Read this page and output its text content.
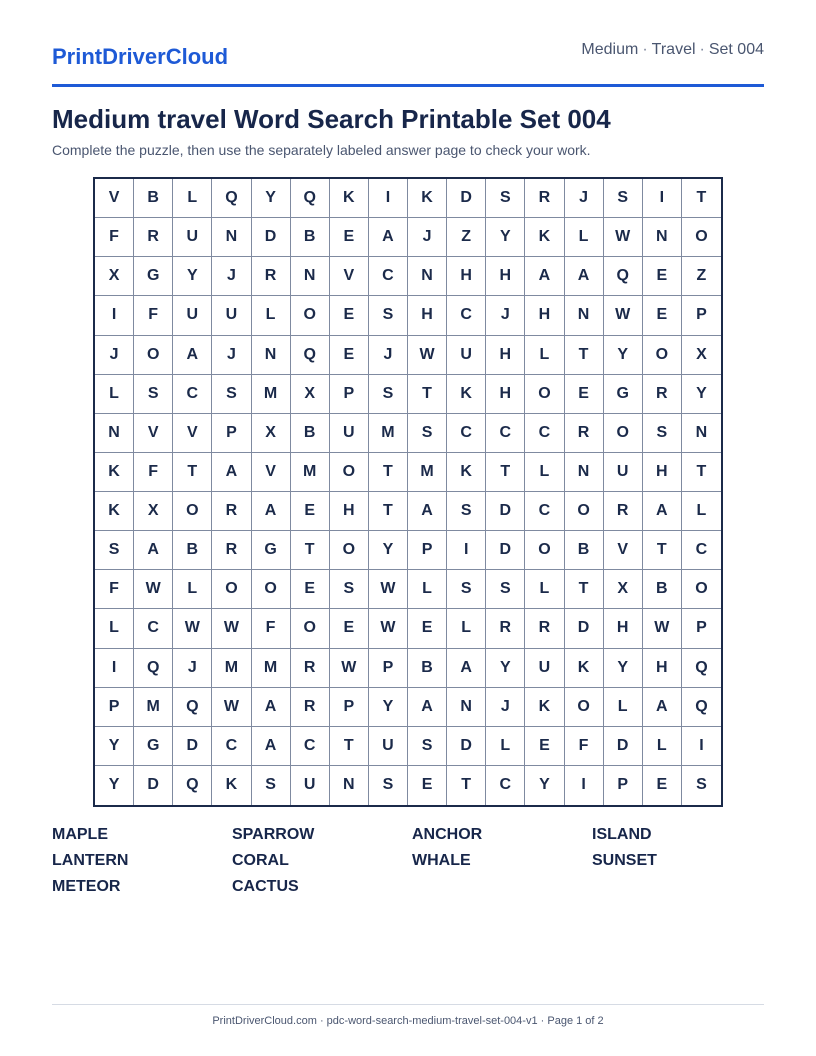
PrintDriverCloud	Medium · Travel · Set 004
Medium travel Word Search Printable Set 004
Complete the puzzle, then use the separately labeled answer page to check your work.
V	B	L	Q	Y	Q	K	I	K	D	S	R	J	S	I	T
F	R	U	N	D	B	E	A	J	Z	Y	K	L	W	N	O
X	G	Y	J	R	N	V	C	N	H	H	A	A	Q	E	Z
I	F	U	U	L	O	E	S	H	C	J	H	N	W	E	P
J	O	A	J	N	Q	E	J	W	U	H	L	T	Y	O	X
L	S	C	S	M	X	P	S	T	K	H	O	E	G	R	Y
N	V	V	P	X	B	U	M	S	C	C	C	R	O	S	N
K	F	T	A	V	M	O	T	M	K	T	L	N	U	H	T
K	X	O	R	A	E	H	T	A	S	D	C	O	R	A	L
S	A	B	R	G	T	O	Y	P	I	D	O	B	V	T	C
F	W	L	O	O	E	S	W	L	S	S	L	T	X	B	O
L	C	W	W	F	O	E	W	E	L	R	R	D	H	W	P
I	Q	J	M	M	R	W	P	B	A	Y	U	K	Y	H	Q
P	M	Q	W	A	R	P	Y	A	N	J	K	O	L	A	Q
Y	G	D	C	A	C	T	U	S	D	L	E	F	D	L	I
Y	D	Q	K	S	U	N	S	E	T	C	Y	I	P	E	S
MAPLE	SPARROW	ANCHOR	ISLAND
LANTERN	CORAL	WHALE	SUNSET
METEOR	CACTUS
PrintDriverCloud.com · pdc-word-search-medium-travel-set-004-v1 · Page 1 of 2
